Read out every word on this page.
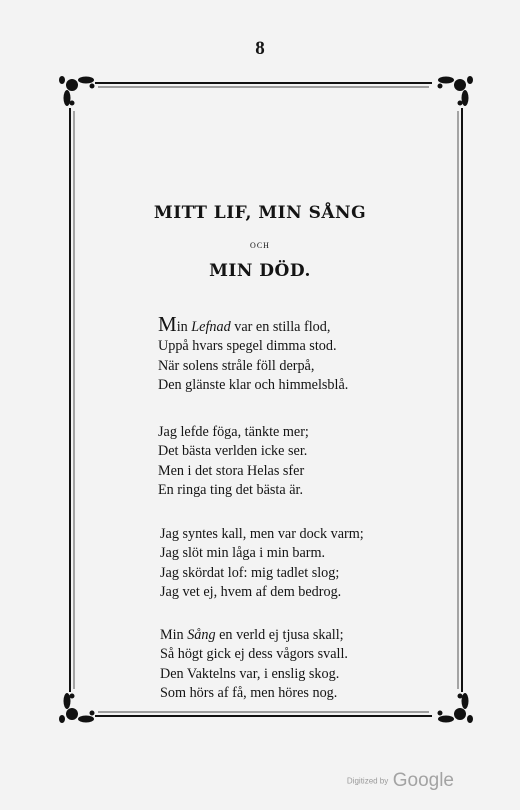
8
MITT LIF, MIN SÅNG
OCH
MIN DÖD.
Min Lefnad var en stilla flod,
Uppå hvars spegel dimma stod.
När solens stråle föll derpå,
Den glänste klar och himmelsblå.
Jag lefde föga, tänkte mer;
Det bästa verlden icke ser.
Men i det stora Helas sfer
En ringa ting det bästa är.
Jag syntes kall, men var dock varm;
Jag slöt min låga i min barm.
Jag skördat lof: mig tadlet slog;
Jag vet ej, hvem af dem bedrog.
Min Sång en verld ej tjusa skall;
Så högt gick ej dess vågors svall.
Den Vaktelns var, i enslig skog.
Som hörs af få, men höres nog.
Digitized by Google
